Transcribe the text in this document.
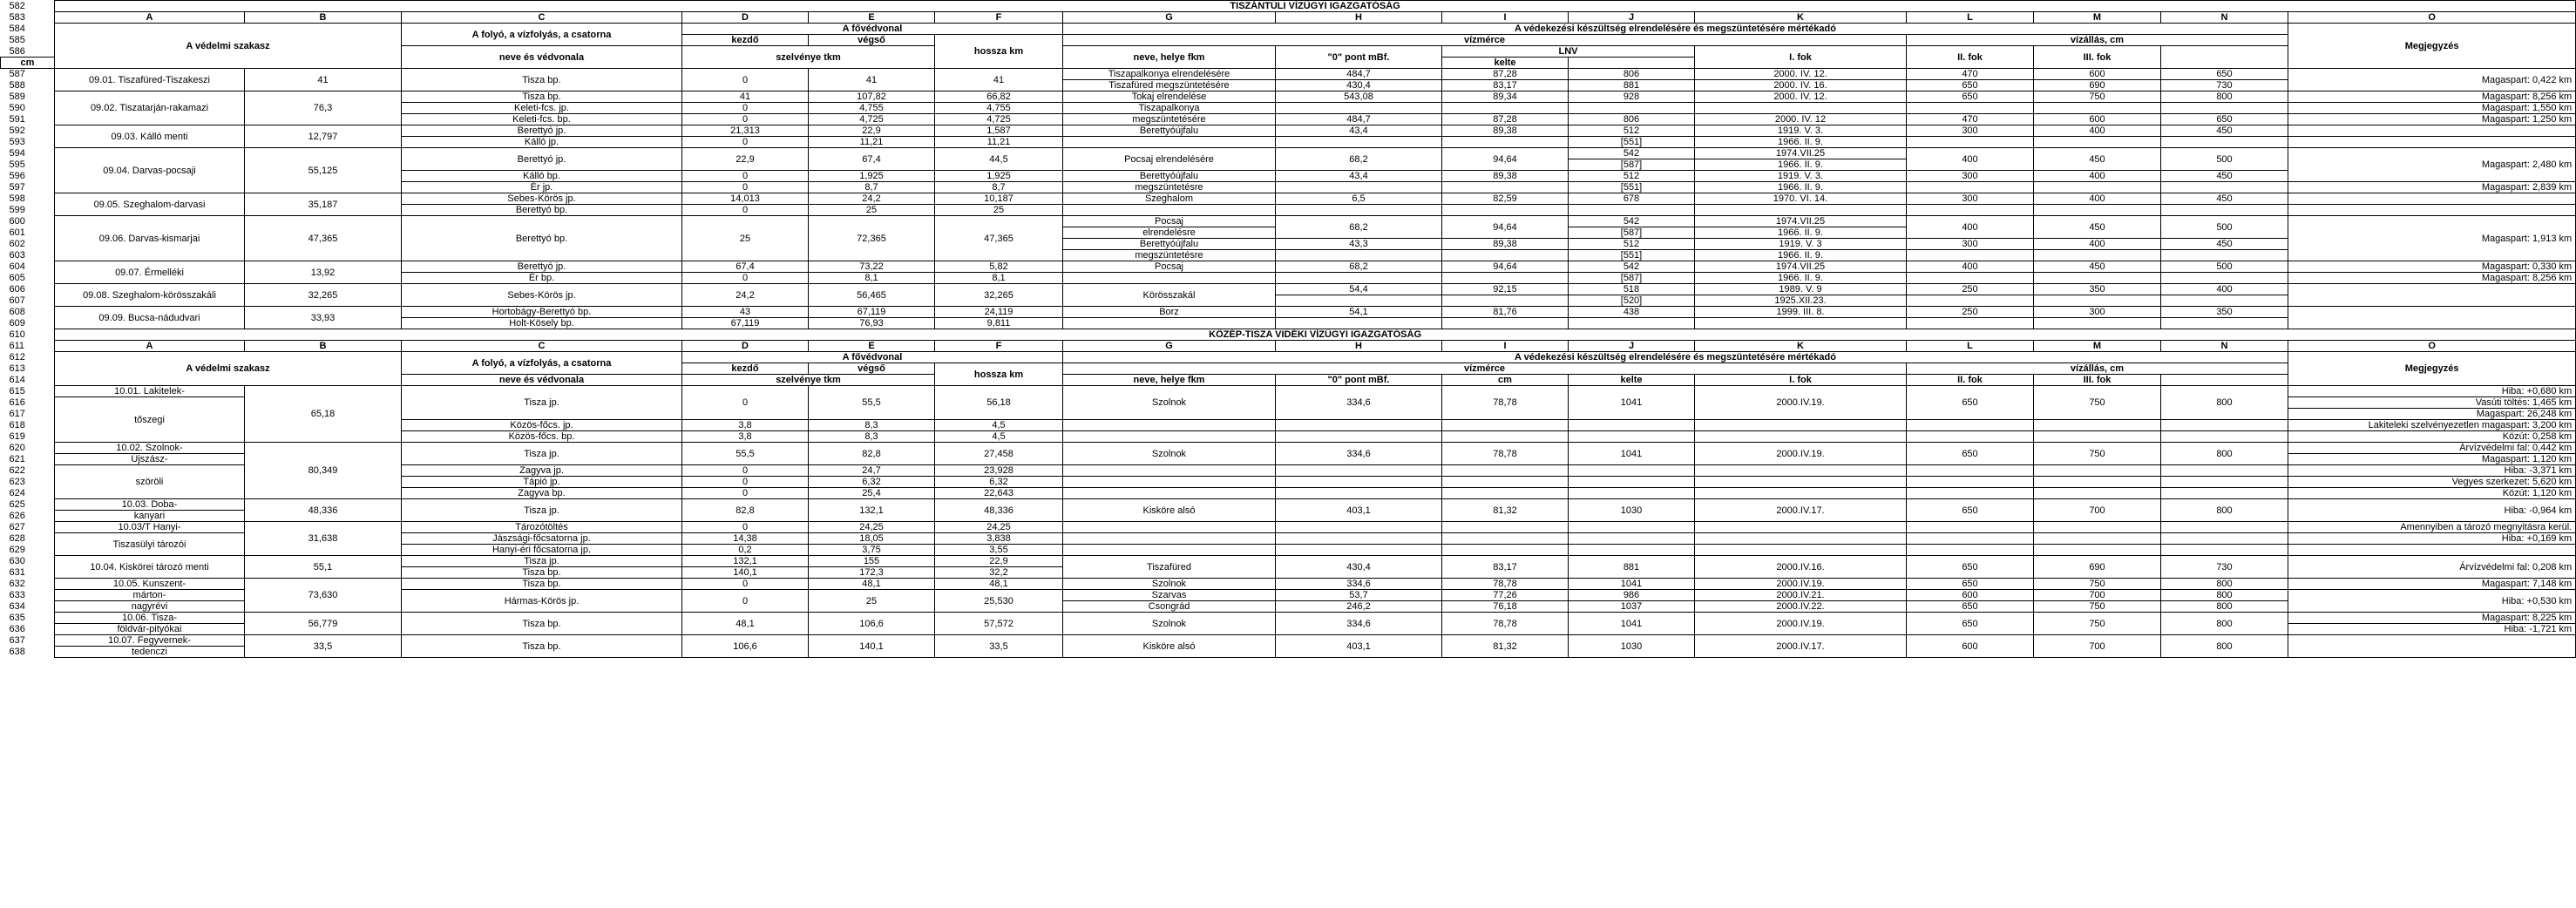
582	TISZÁNTÚLI VÍZÜGYI IGAZGATÓSÁG														
583	A	B	C	D	E	F	G	H	I	J	K	L	M	N	O
584	A védelmi szakasz		A folyó, a vízfolyás, a csatorna	A fővédvonal			A védekezési készültség elrendelésére és megszüntetésére mértékadó								Megjegyzés
585				kezdő	végső	hossza km	vízmérce					vízállás, cm			
586			neve és védvonala	szelvénye tkm			neve, helye fkm	"0" pont mBf.	LNV		I. fok	II. fok	III. fok		
cm									kelte						
587	09.01. Tiszafüred-Tiszakeszi	41	Tisza bp.	0	41	41	Tiszapalkonya elrendelésére	484,7	87,28	806	2000. IV. 12.	470	600	650	Magaspart: 0,422 km
588							Tiszafüred megszüntetésére	430,4	83,17	881	2000. IV. 16.	650	690	730	
589	09.02. Tiszatarján-rakamazi	76,3	Tisza bp.	41	107,82	66,82	Tokaj elrendelése	543,08	89,34	928	2000. IV. 12.	650	750	800	Magaspart: 8,256 km
590			Keleti-fcs. jp.	0	4,755	4,755	Tiszapalkonya								Magaspart: 1,550 km
591			Keleti-fcs. bp.	0	4,725	4,725	megszüntetésére	484,7	87,28	806	2000. IV. 12	470	600	650	Magaspart: 1,250 km
592	09.03. Kálló menti	12,797	Berettyó jp.	21,313	22,9	1,587	Berettyóújfalu	43,4	89,38	512	1919. V. 3.	300	400	450	
593			Kálló jp.	0	11,21	11,21				[551]	1966. II. 9.				
594	09.04. Darvas-pocsaji	55,125	Berettyó jp.	22,9	67,4	44,5	Pocsaj elrendelésére	68,2	94,64	542	1974.VII.25	400	450	500	Magaspart: 2,480 km
595										[587]	1966. II. 9.				
596			Kálló bp.	0	1,925	1,925	Berettyóújfalu	43,4	89,38	512	1919. V. 3.	300	400	450	
597			Ér jp.	0	8,7	8,7	megszüntetésre			[551]	1966. II. 9.				Magaspart: 2,839 km
598	09.05. Szeghalom-darvasi	35,187	Sebes-Körös jp.	14,013	24,2	10,187	Szeghalom	6,5	82,59	678	1970. VI. 14.	300	400	450	
599			Berettyó bp.	0	25	25									
600	09.06. Darvas-kismarjai	47,365	Berettyó bp.	25	72,365	47,365	Pocsaj	68,2	94,64	542	1974.VII.25	400	450	500	Magaspart: 1,913 km
601							elrendelésre			[587]	1966. II. 9.				
602							Berettyóújfalu	43,3	89,38	512	1919. V. 3	300	400	450	
603							megszüntetésre			[551]	1966. II. 9.				
604	09.07. Érmelléki	13,92	Berettyó jp.	67,4	73,22	5,82	Pocsaj	68,2	94,64	542	1974.VII.25	400	450	500	Magaspart: 0,330 km
605			Ér bp.	0	8,1	8,1				[587]	1966. II. 9.				Magaspart: 8,256 km
606	09.08. Szeghalom-körösszakáli	32,265	Sebes-Körös jp.	24,2	56,465	32,265	Körösszakál	54,4	92,15	518	1989. V. 9	250	350	400	
607										[520]	1925.XII.23.				
608	09.09. Bucsa-nádudvari	33,93	Hortobágy-Berettyó bp.	43	67,119	24,119	Borz	54,1	81,76	438	1999. III. 8.	250	300	350	
609			Holt-Kösely bp.	67,119	76,93	9,811									
610	KÖZÉP-TISZA VIDÉKI VÍZÜGYI IGAZGATÓSÁG														
611	A	B	C	D	E	F	G	H	I	J	K	L	M	N	O
612	A védelmi szakasz		A folyó, a vízfolyás, a csatorna	A fővédvonal			A védekezési készültség elrendelésére és megszüntetésére mértékadó								Megjegyzés
613				kezdő	végső	hossza km	vízmérce					vízállás, cm			
614			neve és védvonala	szelvénye tkm			neve, helye fkm	"0" pont mBf.	cm	kelte	I. fok	II. fok	III. fok		
615	10.01. Lakitelek-	65,18	Tisza jp.	0	55,5	56,18	Szolnok	334,6	78,78	1041	2000.IV.19.	650	750	800	Hiba: +0,680 km
616	tőszegi														Vasúti töltés: 1,465 km
617															Magaspart: 26,248 km
618			Közös-főcs. jp.	3,8	8,3	4,5									Lakiteleki szelvényezetlen magaspart: 3,200 km
619			Közös-főcs. bp.	3,8	8,3	4,5									Közút: 0,258 km
620	10.02. Szolnok-	80,349	Tisza jp.	55,5	82,8	27,458	Szolnok	334,6	78,78	1041	2000.IV.19.	650	750	800	Árvízvédelmi fal: 0,442 km
621	Újszász-														Magaspart: 1,120 km
622	szöröli		Zagyva jp.	0	24,7	23,928									Hiba: -3,371 km
623			Tápió jp.	0	6,32	6,32									Vegyes szerkezet: 5,620 km
624			Zagyva bp.	0	25,4	22,643									Közút: 1,120 km
625	10.03. Doba-	48,336	Tisza jp.	82,8	132,1	48,336	Kisköre alsó	403,1	81,32	1030	2000.IV.17.	650	700	800	Hiba: -0,964 km
626	kanyari														
627	10.03/T Hanyi-	31,638	Tározótöltés	0	24,25	24,25									Amennyiben a tározó megnyitásra kerül.
628	Tiszasülyi tározói		Jászsági-főcsatorna jp.	14,38	18,05	3,838									Hiba: +0,169 km
629			Hanyi-éri főcsatorna jp.	0,2	3,75	3,55									
630	10.04. Kiskörei tározó menti	55,1	Tisza jp.	132,1	155	22,9	Tiszafüred	430,4	83,17	881	2000.IV.16.	650	690	730	Árvízvédelmi fal: 0,208 km
631			Tisza bp.	140,1	172,3	32,2									
632	10.05. Kunszent-	73,630	Tisza bp.	0	48,1	48,1	Szolnok	334,6	78,78	1041	2000.IV.19.	650	750	800	Magaspart: 7,148 km
633	márton-		Hármas-Körös jp.	0	25	25,530	Szarvas	53,7	77,26	986	2000.IV.21.	600	700	800	Hiba: +0,530 km
634	nagyrévi						Csongrád	246,2	76,18	1037	2000.IV.22.	650	750	800	
635	10.06. Tisza-	56,779	Tisza bp.	48,1	106,6	57,572	Szolnok	334,6	78,78	1041	2000.IV.19.	650	750	800	Magaspart: 8,225 km
636	földvár-pityókai														Hiba: -1,721 km
637	10.07. Fegyvernek-	33,5	Tisza bp.	106,6	140,1	33,5	Kisköre alsó	403,1	81,32	1030	2000.IV.17.	600	700	800	
638	tedenczi														
